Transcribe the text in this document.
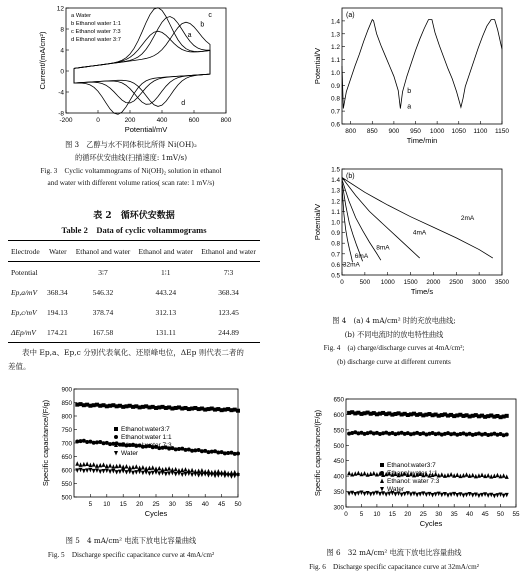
-200	0	200	400	600	800
-8
-4
0
4
8
12
Potential/mV
Current/(mA/cm²)	a
b
c
d
a Water
b Ethanol water 1:1
c Ethanol water 7:3
d Ethanol water 3:7
图 3　乙醇与水不同体积比所得 Ni(OH)₂
的循环伏安曲线(扫描速度: 1mV/s)
Fig. 3　Cyclic voltammograms of Ni(OH)₂ solution in ethanol
and water with different volume ratios( scan rate: 1 mV/s)
表 2　循环伏安数据
Table 2　Data of cyclic voltammograms
Electrode	Water	Ethanol and water	Ethanol and water	Ethanol and water
Potential		3∶7	1∶1	7∶3
Ep,a/mV	368.34	546.32	443.24	368.34
Ep,c/mV	194.13	378.74	312.13	123.45
ΔEp/mV	174.21	167.58	131.11	244.89
表中 Ep,a、Ep,c 分别代表氧化、还原峰电位，ΔEp 则代表二者的
差值。
5 10 15 20 25 30 35 40 45 50
500
550
600
650
700
750
800
850
900
Cycles
Specific capacitance/(F/g)	Ethanol:water3:7
Ethanol:water 1:1
Ethanol:water 7:3
Water
图 5　4 mA/cm² 电流下放电比容量曲线
Fig. 5　Discharge specific capacitance curve at 4mA/cm²
800 850 900 950 1000 1050 1100 1150
0.6
0.7
0.8
0.9
1.0
1.1
1.2
1.3
1.4
Time/min
Potential/V
(a)
b
a
0	500 1000 1500 2000 2500 3000 3500
0.5
0.6
0.7
0.8
0.9
1.0
1.1
1.2
1.3
1.4
1.5
Time/s
Potential/V
(b)
2mA
4mA
8mA
6mA
32mA
图 4　(a) 4 mA/cm² 时的充放电曲线;
(b) 不同电流时的放电特性曲线
Fig. 4　(a) charge/discharge curves at 4mA/cm²;
(b) discharge curve at different currents
0 5 10 15 20 25 30 35 40 45 50 55
300
350
400
450
500
550
600
650
Cycles
Specific capacitance/(F/g)	Ethanol:water3:7
Ethanol:water 1:1
Ethanol: water 7:3
Water
图 6　32 mA/cm² 电流下放电比容量曲线
Fig. 6　Discharge specific capacitance curve at 32mA/cm²
